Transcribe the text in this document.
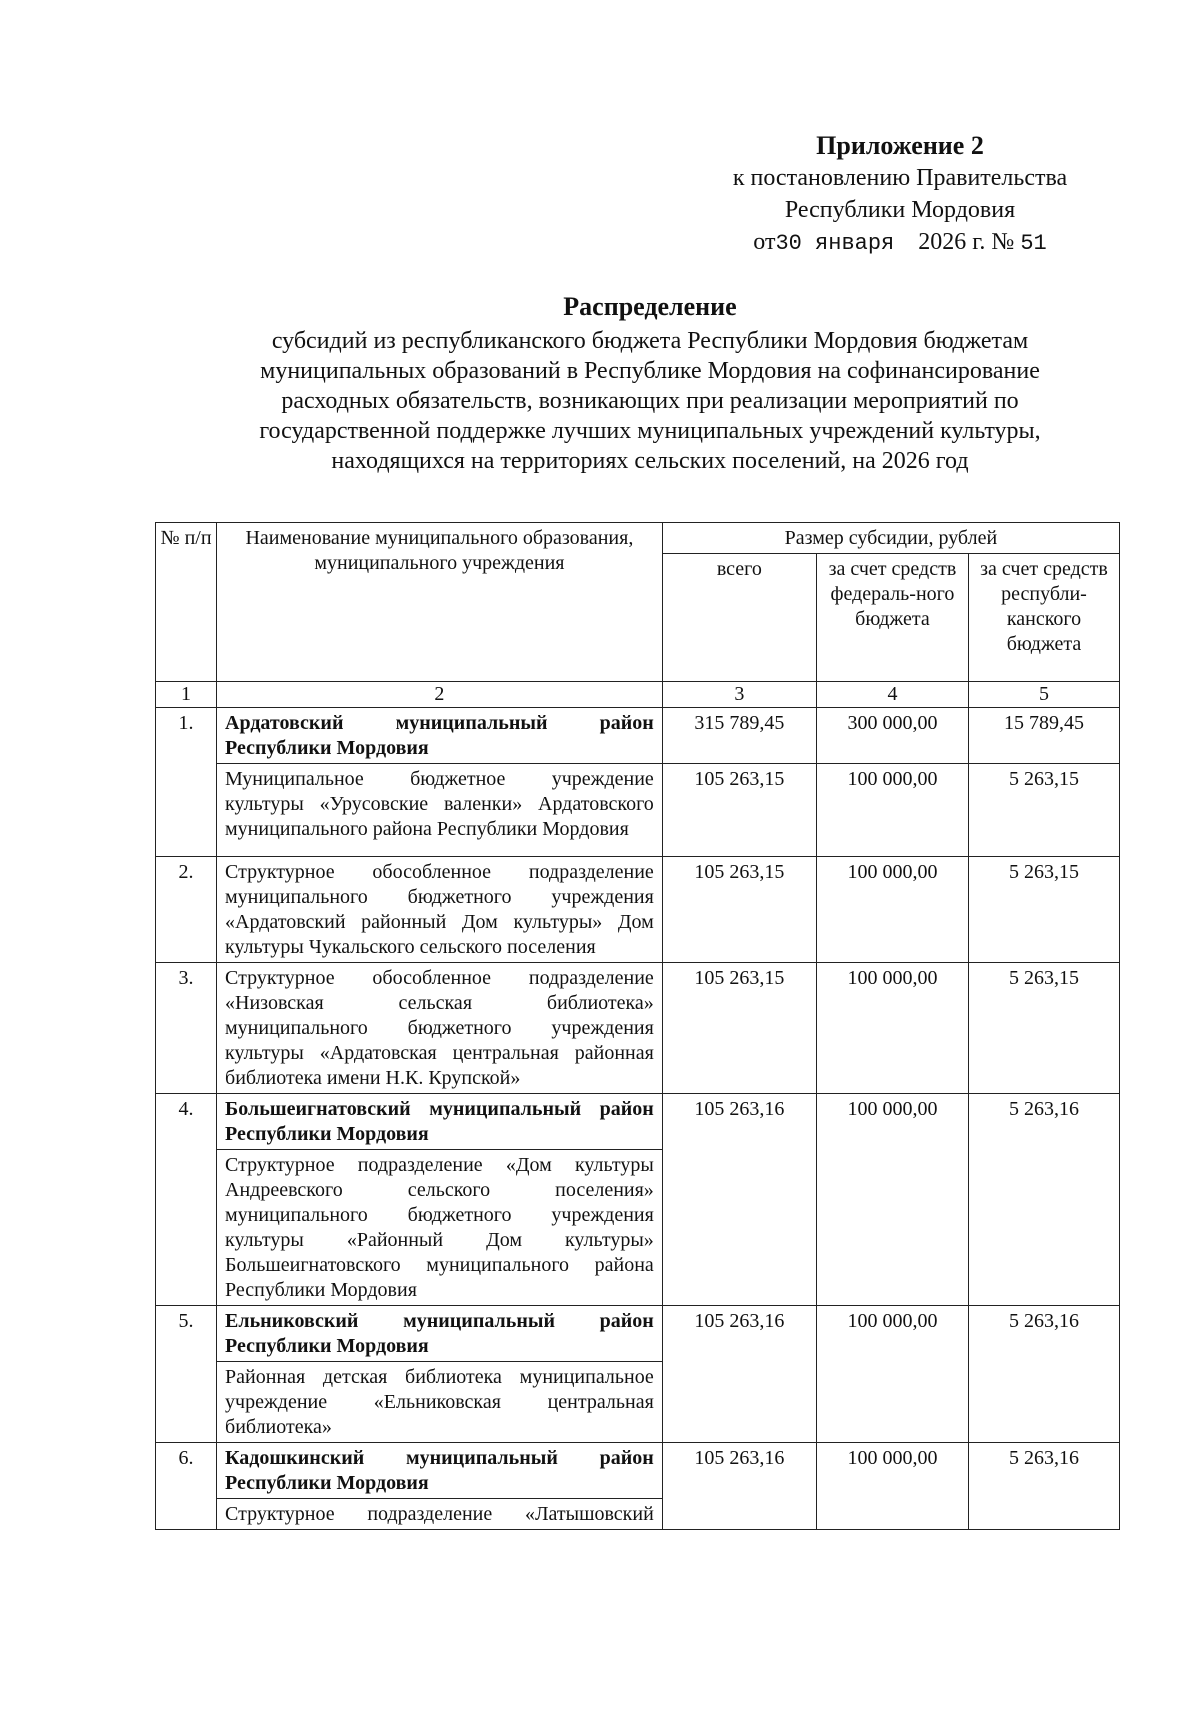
Приложение 2
к постановлению Правительства
Республики Мордовия
от30 января 2026 г. № 51
Распределение
субсидий из республиканского бюджета Республики Мордовия бюджетам
муниципальных образований в Республике Мордовия на софинансирование
расходных обязательств, возникающих при реализации мероприятий по
государственной поддержке лучших муниципальных учреждений культуры,
находящихся на территориях сельских поселений, на 2026 год
№ п/п	Наименование муниципального образования, муниципального учреждения	Размер субсидии, рублей		
		всего	за счет средств федераль-ного бюджета	за счет средств республи-канского бюджета
1	2	3	4	5
1.	Ардатовский муниципальный район Республики Мордовия	315 789,45	300 000,00	15 789,45
	Муниципальное бюджетное учреждение культуры «Урусовские валенки» Ардатовского муниципального района Республики Мордовия	105 263,15	100 000,00	5 263,15
2.	Структурное обособленное подразделение муниципального бюджетного учреждения «Ардатовский районный Дом культуры» Дом культуры Чукальского сельского поселения	105 263,15	100 000,00	5 263,15
3.	Структурное обособленное подразделение «Низовская сельская библиотека» муниципального бюджетного учреждения культуры «Ардатовская центральная районная библиотека имени Н.К. Крупской»	105 263,15	100 000,00	5 263,15
4.	Большеигнатовский муниципальный район Республики Мордовия	105 263,16	100 000,00	5 263,16
	Структурное подразделение «Дом культуры Андреевского сельского поселения» муниципального бюджетного учреждения культуры «Районный Дом культуры» Большеигнатовского муниципального района Республики Мордовия			
5.	Ельниковский муниципальный район Республики Мордовия	105 263,16	100 000,00	5 263,16
	Районная детская библиотека муниципальное учреждение «Ельниковская центральная библиотека»			
6.	Кадошкинский муниципальный район Республики Мордовия	105 263,16	100 000,00	5 263,16
	Структурное подразделение «Латышовский			
